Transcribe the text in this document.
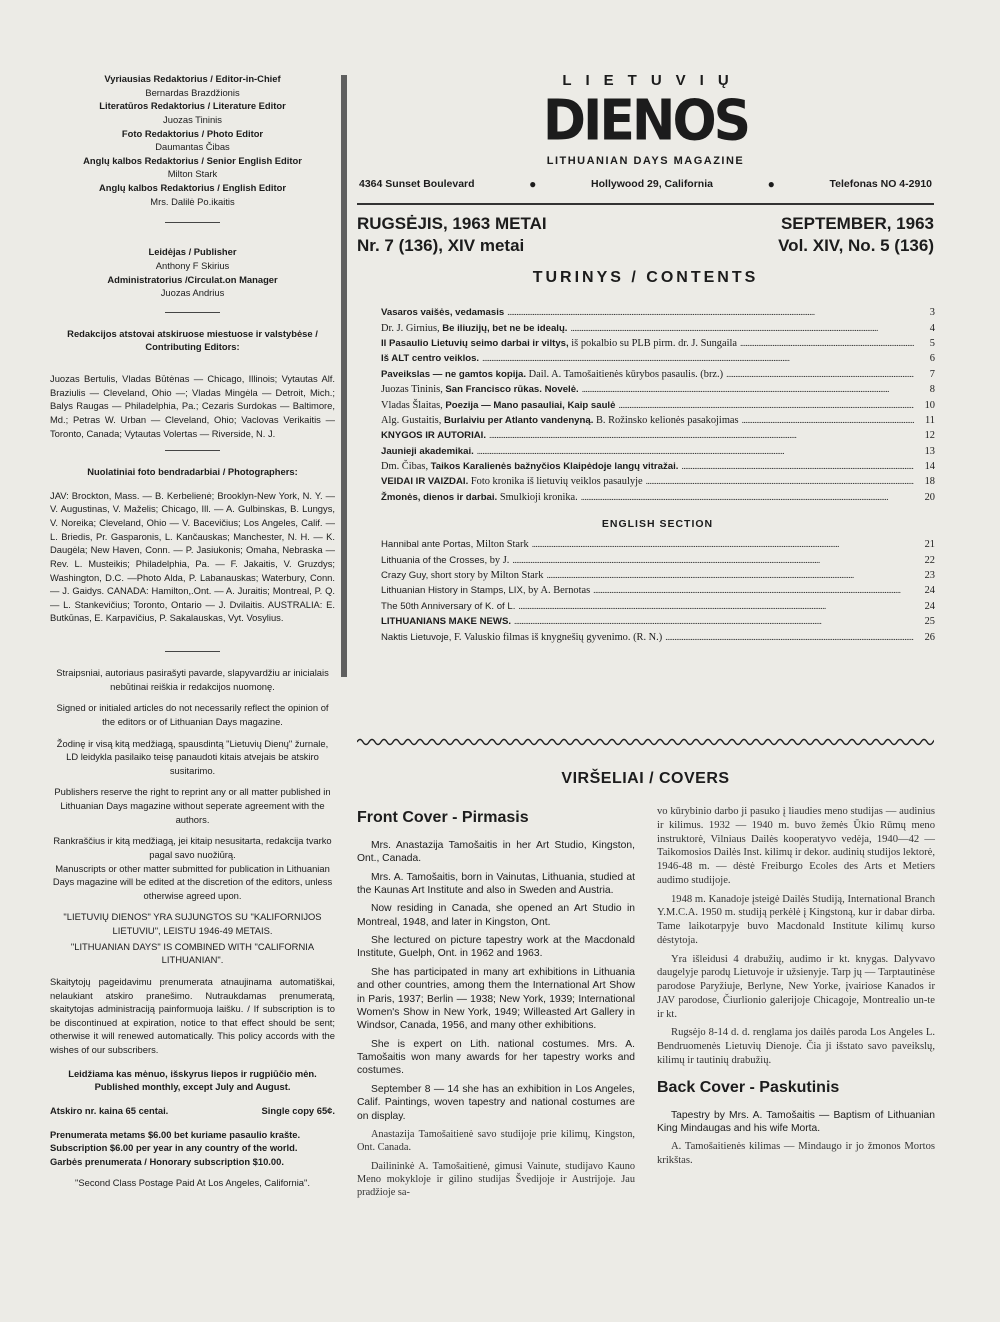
Vyriausias Redaktorius / Editor-in-Chief
Bernardas Brazdžionis
Literatūros Redaktorius / Literature Editor
Juozas Tininis
Foto Redaktorius / Photo Editor
Daumantas Čibas
Anglų kalbos Redaktorius / Senior English Editor
Milton Stark
Anglų kalbos Redaktorius / English Editor
Mrs. Dalilė Po.ikaitis
Leidėjas / Publisher
Anthony F Skirius
Administratorius /Circulat.on Manager
Juozas Andrius
Redakcijos atstovai atskiruose miestuose ir valstybėse / Contributing Editors:
Juozas Bertulis, Vladas Būtėnas — Chicago, Illinois; Vytautas Alf. Braziulis — Cleveland, Ohio —; Vladas Mingėla — Detroit, Mich.; Balys Raugas — Philadelphia, Pa.; Cezaris Surdokas — Baltimore, Md.; Petras W. Urban — Cleveland, Ohio; Vaclovas Verikaitis — Toronto, Canada; Vytautas Volertas — Riverside, N. J.
Nuolatiniai foto bendradarbiai / Photographers:
JAV: Brockton, Mass. — B. Kerbelienė; Brooklyn-New York, N. Y. — V. Augustinas, V. Maželis; Chicago, Ill. — A. Gulbinskas, B. Lungys, V. Noreika; Cleveland, Ohio — V. Bacevičius; Los Angeles, Calif. — L. Briedis, Pr. Gasparonis, L. Kančauskas; Manchester, N. H. — K. Daugėla; New Haven, Conn. — P. Jasiukonis; Omaha, Nebraska — Rev. L. Musteikis; Philadelphia, Pa. — F. Jakaitis, V. Gruzdys; Washington, D.C. —Photo Alda, P. Labanauskas; Waterbury, Conn. — J. Gaidys. CANADA: Hamilton,.Ont. — A. Juraitis; Montreal, P. Q. — L. Stankevičius; Toronto, Ontario — J. Dvilaitis. AUSTRALIA: E. Butkūnas, E. Karpavičius, P. Sakalauskas, Vyt. Vosylius.

Straipsniai, autoriaus pasirašyti pavarde, slapyvardžiu ar inicialais nebūtinai reiškia ir redakcijos nuomonę.

Signed or initialed articles do not necessarily reflect the opinion of the editors or of Lithuanian Days magazine.

Žodinę ir visą kitą medžiagą, spausdintą "Lietuvių Dienų" žurnale, LD leidykla pasilaiko teisę panaudoti kitais atvejais be atskiro susitarimo.

Publishers reserve the right to reprint any or all matter published in Lithuanian Days magazine without seperate agreement with the authors.

Rankraščius ir kitą medžiagą, jei kitaip nesusitarta, redakcija tvarko pagal savo nuožiūrą.

Manuscripts or other matter submitted for publication in Lithuanian Days magazine will be edited at the discretion of the editors, unless otherwise agreed upon.

"LIETUVIŲ DIENOS" YRA SUJUNGTOS SU "KALIFORNIJOS LIETUVIU", LEISTU 1946-49 METAIS.

"LITHUANIAN DAYS" IS COMBINED WITH "CALIFORNIA LITHUANIAN".

Skaitytojų pageidavimu prenumerata atnaujinama automatiškai, nelaukiant atskiro pranešimo. Nutraukdamas prenumeratą, skaitytojas administraciją painformuoja laišku. / If subscription is to be discontinued at expiration, notice to that effect should be sent; otherwise it will renewed automatically. This policy accords with the wishes of our subscribers.

Leidžiama kas mėnuo, išskyrus liepos ir rugpiūčio mėn. Published monthly, except July and August.

Atskiro nr. kaina 65 centai.	Single copy 65¢.
Prenumerata metams $6.00 bet kuriame pasaulio krašte.
Subscription $6.00 per year in any country of the world.
Garbės prenumerata / Honorary subscription $10.00.
"Second Class Postage Paid At Los Angeles, California".
LIETUVIŲ
DIENOS
LITHUANIAN DAYS MAGAZINE
4364 Sunset Boulevard	●	Hollywood 29, California	●	Telefonas NO 4-2910
RUGSĖJIS, 1963 METAI
Nr. 7 (136), XIV metai
SEPTEMBER, 1963
Vol. XIV, No. 5 (136)
TURINYS / CONTENTS
Vasaros vaišės, vedamasis . . .	3
Dr. J. Girnius, Be iliuzijų, bet ne be idealų. . . .	4
II Pasaulio Lietuvių seimo darbai ir viltys, iš pokalbio su PLB pirm. dr. J. Sungaila . . .	5
Iš ALT centro veiklos. . . .	6
Paveikslas — ne gamtos kopija. Dail. A. Tamošaitienės kūrybos pasaulis. (brz.) . . .	7
Juozas Tininis, San Francisco rūkas. Novelė. . . .	8
Vladas Šlaitas, Poezija — Mano pasauliai, Kaip saulė . . .	10
Alg. Gustaitis, Burlaiviu per Atlanto vandenyną. B. Rožinsko kelionės pasakojimas . . .	11
KNYGOS IR AUTORIAI. . . .	12
Jaunieji akademikai. . . .	13
Dm. Čibas, Taikos Karalienės bažnyčios Klaipėdoje langų vitražai. . . .	14
VEIDAI IR VAIZDAI. Foto kronika iš lietuvių veiklos pasaulyje . . .	18
Žmonės, dienos ir darbai. Smulkioji kronika. . . .	20
ENGLISH SECTION
Hannibal ante Portas, Milton Stark . . .	21
Lithuania of the Crosses, by J. . . .	22
Crazy Guy, short story by Milton Stark . . .	23
Lithuanian History in Stamps, LIX, by A. Bernotas . . .	24
The 50th Anniversary of K. of L. . . .	24
LITHUANIANS MAKE NEWS. . . .	25
Naktis Lietuvoje, F. Valuskio filmas iš knygnešių gyvenimo. (R. N.) . . .	26
VIRŠELIAI / COVERS
Front Cover - Pirmasis

Mrs. Anastazija Tamošaitis in her Art Studio, Kingston, Ont., Canada.

Mrs. A. Tamošaitis, born in Vainutas, Lithuania, studied at the Kaunas Art Institute and also in Sweden and Austria.

Now residing in Canada, she opened an Art Studio in Montreal, 1948, and later in Kingston, Ont.

She lectured on picture tapestry work at the Macdonald Institute, Guelph, Ont. in 1962 and 1963.

She has participated in many art exhibitions in Lithuania and other countries, among them the International Art Show in Paris, 1937; Berlin — 1938; New York, 1939; International Women's Show in New York, 1949; Willeasted Art Gallery in Windsor, Canada, 1956, and many other exhibitions.

She is expert on Lith. national costumes. Mrs. A. Tamošaitis won many awards for her tapestry works and costumes.

September 8 — 14 she has an exhibition in Los Angeles, Calif. Paintings, woven tapestry and national costumes are on display.

Anastazija Tamošaitienė savo studijoje prie kilimų, Kingston, Ont. Canada.

Dailininkė A. Tamošaitienė, gimusi Vainute, studijavo Kauno Meno mokykloje ir gilino studijas Švedijoje ir Austrijoje. Jau pradžioje sa-

vo kūrybinio darbo ji pasuko į liaudies meno studijas — audinius ir kilimus. 1932 — 1940 m. buvo žemės Ūkio Rūmų meno instruktorė, Vilniaus Dailės kooperatyvo vedėja, 1940—42 — Taikomosios Dailės Inst. kilimų ir dekor. audinių studijos lektorė, 1946-48 m. — dėstė Freiburgo Ecoles des Arts et Metiers audimo studijoje.

1948 m. Kanadoje įsteigė Dailės Studiją, International Branch Y.M.C.A. 1950 m. studiją perkėlė į Kingstoną, kur ir dabar dirba. Tame laikotarpyje buvo Macdonald Institute kilimų kurso dėstytoja.

Yra išleidusi 4 drabužių, audimo ir kt. knygas. Dalyvavo daugelyje parodų Lietuvoje ir užsienyje. Tarp jų — Tarptautinėse parodose Paryžiuje, Berlyne, New Yorke, įvairiose Kanados ir JAV parodose, Čiurlionio galerijoje Chicagoje, Montrealio un-te ir kt.

Rugsėjo 8-14 d. d. renglama jos dailės paroda Los Angeles L. Bendruomenės Lietuvių Dienoje. Čia ji išstato savo paveikslų, kilimų ir tautinių drabužių.

Back Cover - Paskutinis

Tapestry by Mrs. A. Tamošaitis — Baptism of Lithuanian King Mindaugas and his wife Morta.

A. Tamošaitienės kilimas — Mindaugo ir jo žmonos Mortos krikštas.
